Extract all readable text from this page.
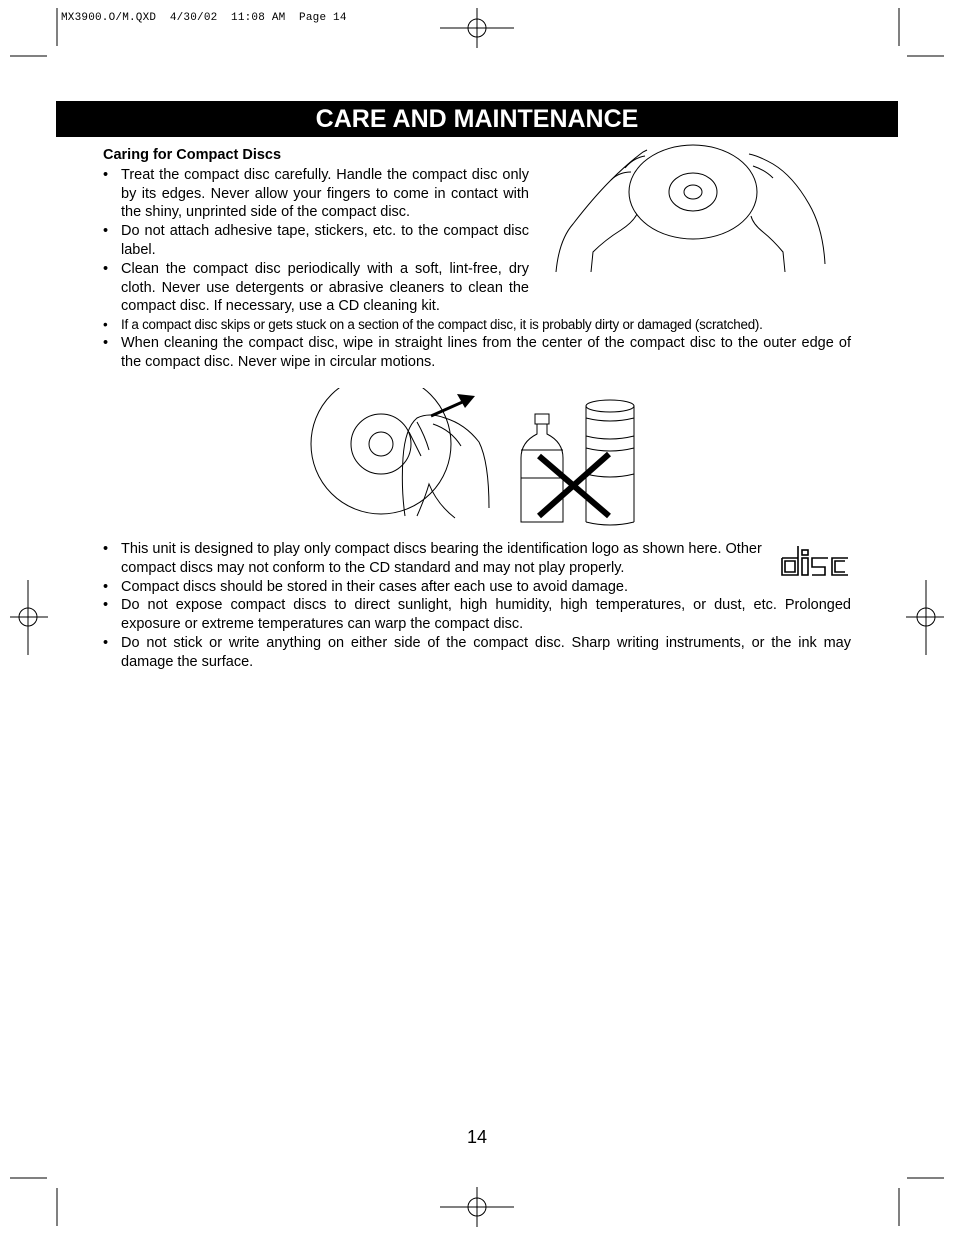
MX3900.O/M.QXD  4/30/02  11:08 AM  Page 14
CARE AND MAINTENANCE
Caring for Compact Discs
• Treat the compact disc carefully. Handle the compact disc only by its edges. Never allow your fingers to come in contact with the shiny, unprinted side of the compact disc.
• Do not attach adhesive tape, stickers, etc. to the compact disc label.
• Clean the compact disc periodically with a soft, lint-free, dry cloth. Never use detergents or abrasive cleaners to clean the compact disc. If necessary, use a CD cleaning kit.
• If a compact disc skips or gets stuck on a section of the compact disc, it is probably dirty or damaged (scratched).
• When cleaning the compact disc, wipe in straight lines from the center of the compact disc to the outer edge of the compact disc. Never wipe in circular motions.
• This unit is designed to play only compact discs bearing the identification logo as shown here. Other compact discs may not conform to the CD standard and may not play properly.
• Compact discs should be stored in their cases after each use to avoid damage.
• Do not expose compact discs to direct sunlight, high humidity, high temperatures, or dust, etc. Prolonged exposure or extreme temperatures can warp the compact disc.
• Do not stick or write anything on either side of the compact disc. Sharp writing instruments, or the ink may damage the surface.
14
